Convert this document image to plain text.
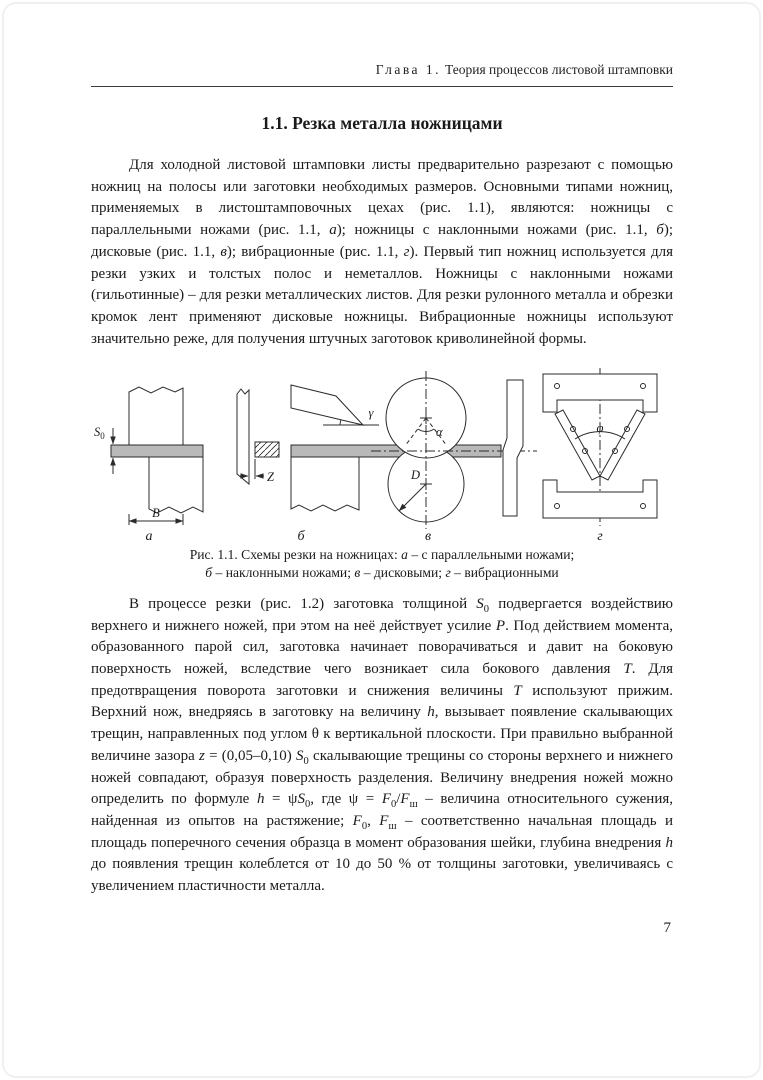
Глава 1. Теория процессов листовой штамповки
1.1. Резка металла ножницами

Для холодной листовой штамповки листы предварительно разрезают с помощью ножниц на полосы или заготовки необходимых размеров. Основными типами ножниц, применяемых в листоштамповочных цехах (рис. 1.1), являются: ножницы с параллельными ножами (рис. 1.1, а); ножницы с наклонными ножами (рис. 1.1, б); дисковые (рис. 1.1, в); вибрационные (рис. 1.1, г). Первый тип ножниц используется для резки узких и толстых полос и неметаллов. Ножницы с наклонными ножами (гильотинные) – для резки металлических листов. Для резки рулонного металла и обрезки кромок лент применяют дисковые ножницы. Вибрационные ножницы используют значительно реже, для получения штучных заготовок криволинейной формы.

$S_0$
B
Z
γ
α
D
φ
а	б	в	г
Рис. 1.1. Схемы резки на ножницах: а – с параллельными ножами;
б – наклонными ножами; в – дисковыми; г – вибрационными

В процессе резки (рис. 1.2) заготовка толщиной $S_0$ подвергается воздействию верхнего и нижнего ножей, при этом на неё действует усилие P. Под действием момента, образованного парой сил, заготовка начинает поворачиваться и давит на боковую поверхность ножей, вследствие чего возникает сила бокового давления T. Для предотвращения поворота заготовки и снижения величины T используют прижим. Верхний нож, внедряясь в заготовку на величину h, вызывает появление скалывающих трещин, направленных под углом θ к вертикальной плоскости. При правильно выбранной величине зазора z = (0,05–0,10) $S_0$ скалывающие трещины со стороны верхнего и нижнего ножей совпадают, образуя поверхность разделения. Величину внедрения ножей можно определить по формуле $h = \psi S_0$, где $\psi = F_0/F_ш$ – величина относительного сужения, найденная из опытов на растяжение; $F_0$, $F_ш$ – соответственно начальная площадь и площадь поперечного сечения образца в момент образования шейки, глубина внедрения h до появления трещин колеблется от 10 до 50 % от толщины заготовки, увеличиваясь с увеличением пластичности металла.

7
